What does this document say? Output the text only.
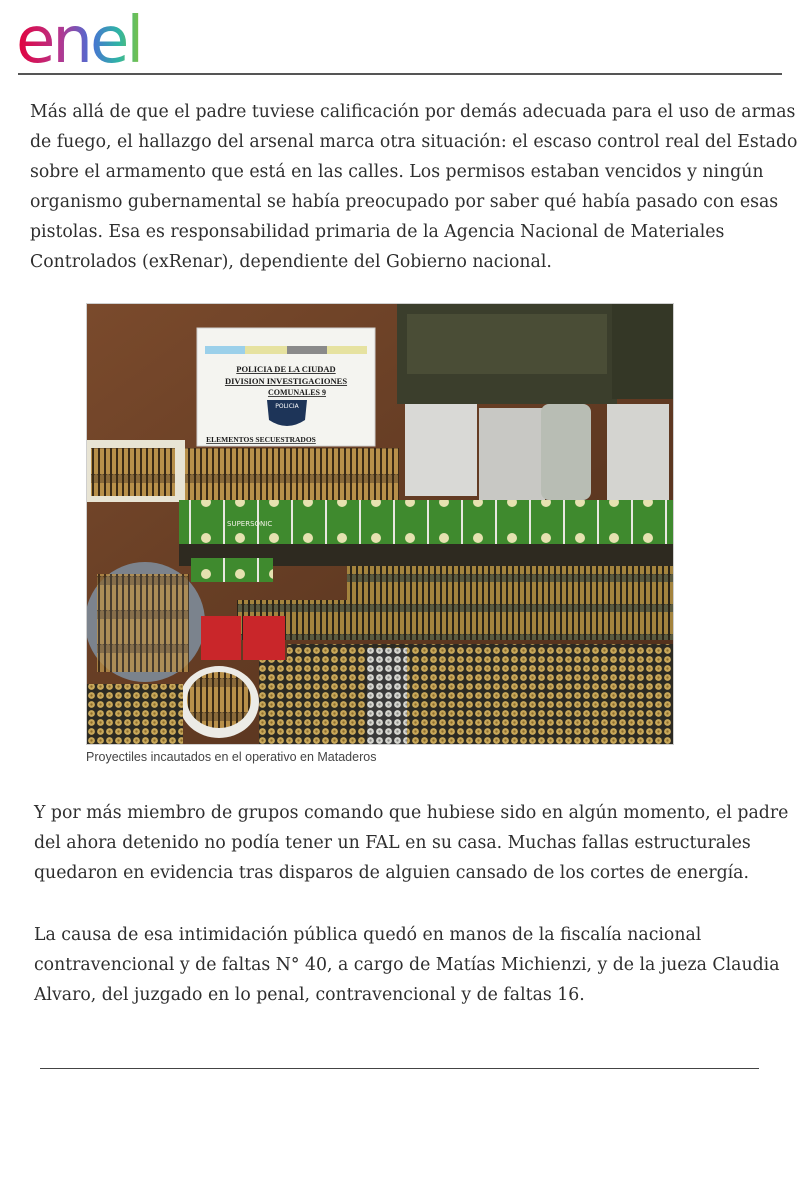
enel

Más allá de que el padre tuviese calificación por demás adecuada para el uso de armas
de fuego, el hallazgo del arsenal marca otra situación: el escaso control real del Estado
sobre el armamento que está en las calles. Los permisos estaban vencidos y ningún
organismo gubernamental se había preocupado por saber qué había pasado con esas
pistolas. Esa es responsabilidad primaria de la Agencia Nacional de Materiales
Controlados (exRenar), dependiente del Gobierno nacional.

POLICIA DE LA CIUDAD
DIVISION INVESTIGACIONES
COMUNALES 9
POLICIA
ELEMENTOS SECUESTRADOS
SUPERSONIC

Proyectiles incautados en el operativo en Mataderos

Y por más miembro de grupos comando que hubiese sido en algún momento, el padre
del ahora detenido no podía tener un FAL en su casa. Muchas fallas estructurales
quedaron en evidencia tras disparos de alguien cansado de los cortes de energía.

La causa de esa intimidación pública quedó en manos de la fiscalía nacional
contravencional y de faltas N° 40, a cargo de Matías Michienzi, y de la jueza Claudia
Alvaro, del juzgado en lo penal, contravencional y de faltas 16.
